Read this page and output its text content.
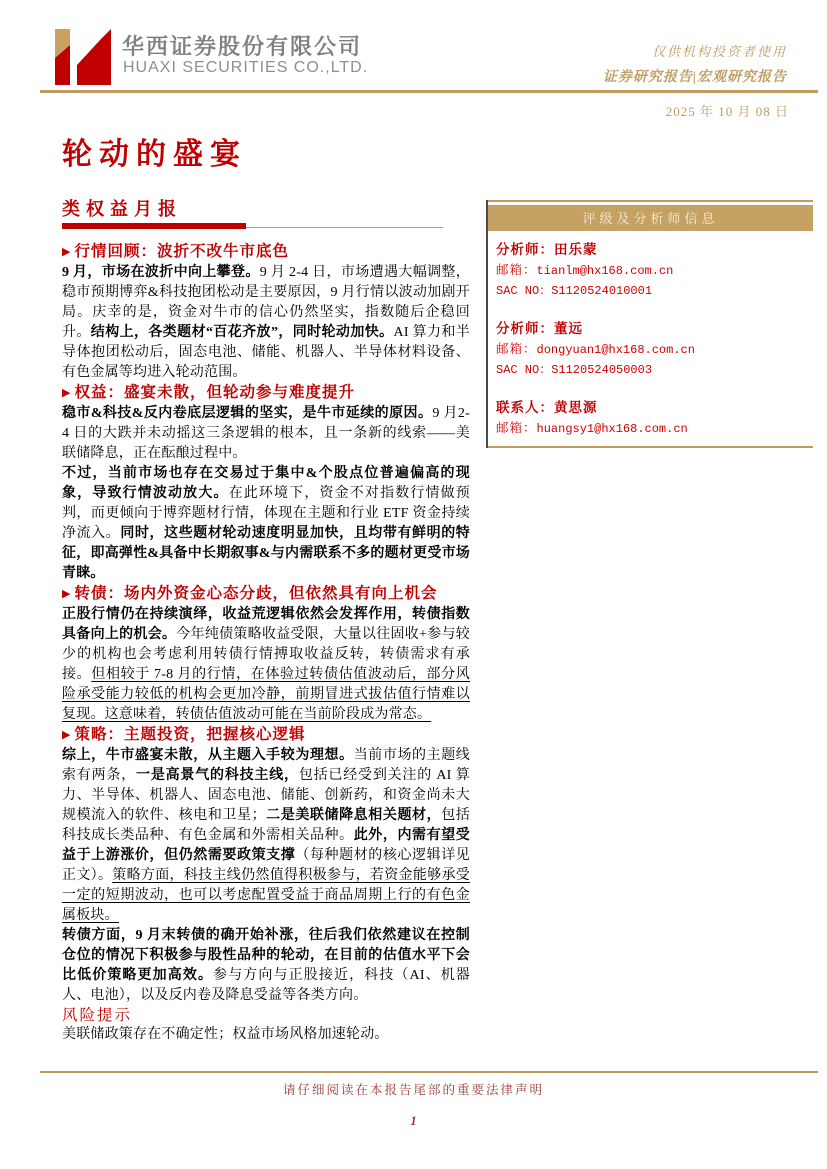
华西证券股份有限公司
HUAXI SECURITIES CO.,LTD.
仅供机构投资者使用
证券研究报告|宏观研究报告
2025 年 10 月 08 日
轮动的盛宴
类权益月报
▶ 行情回顾：波折不改牛市底色
9 月，市场在波折中向上攀登。9 月 2-4 日，市场遭遇大幅调整，稳市预期博弈&科技抱团松动是主要原因，9 月行情以波动加剧开局。庆幸的是，资金对牛市的信心仍然坚实，指数随后企稳回升。结构上，各类题材“百花齐放”，同时轮动加快。AI 算力和半导体抱团松动后，固态电池、储能、机器人、半导体材料设备、有色金属等均进入轮动范围。
▶ 权益：盛宴未散，但轮动参与难度提升
稳市&科技&反内卷底层逻辑的坚实，是牛市延续的原因。9 月2-4 日的大跌并未动摇这三条逻辑的根本，且一条新的线索——美联储降息，正在酝酿过程中。
不过，当前市场也存在交易过于集中&个股点位普遍偏高的现象，导致行情波动放大。在此环境下，资金不对指数行情做预判，而更倾向于博弈题材行情，体现在主题和行业 ETF 资金持续净流入。同时，这些题材轮动速度明显加快，且均带有鲜明的特征，即高弹性&具备中长期叙事&与内需联系不多的题材更受市场青睐。
▶ 转债：场内外资金心态分歧，但依然具有向上机会
正股行情仍在持续演绎，收益荒逻辑依然会发挥作用，转债指数具备向上的机会。今年纯债策略收益受限，大量以往固收+参与较少的机构也会考虑利用转债行情搏取收益反转，转债需求有承接。但相较于 7-8 月的行情，在体验过转债估值波动后，部分风险承受能力较低的机构会更加冷静，前期冒进式拔估值行情难以复现。这意味着，转债估值波动可能在当前阶段成为常态。
▶ 策略：主题投资，把握核心逻辑
综上，牛市盛宴未散，从主题入手较为理想。当前市场的主题线索有两条，一是高景气的科技主线，包括已经受到关注的 AI 算力、半导体、机器人、固态电池、储能、创新药，和资金尚未大规模流入的软件、核电和卫星；二是美联储降息相关题材，包括科技成长类品种、有色金属和外需相关品种。此外，内需有望受益于上游涨价，但仍然需要政策支撑（每种题材的核心逻辑详见正文）。策略方面，科技主线仍然值得积极参与，若资金能够承受一定的短期波动，也可以考虑配置受益于商品周期上行的有色金属板块。
转债方面，9 月末转债的确开始补涨，往后我们依然建议在控制仓位的情况下积极参与股性品种的轮动，在目前的估值水平下会比低价策略更加高效。参与方向与正股接近，科技（AI、机器人、电池），以及反内卷及降息受益等各类方向。
风险提示
美联储政策存在不确定性；权益市场风格加速轮动。
评级及分析师信息
分析师：田乐蒙
邮箱：tianlm@hx168.com.cn
SAC NO：S1120524010001
分析师：董远
邮箱：dongyuan1@hx168.com.cn
SAC NO：S1120524050003
联系人：黄思源
邮箱：huangsy1@hx168.com.cn
请仔细阅读在本报告尾部的重要法律声明
1
